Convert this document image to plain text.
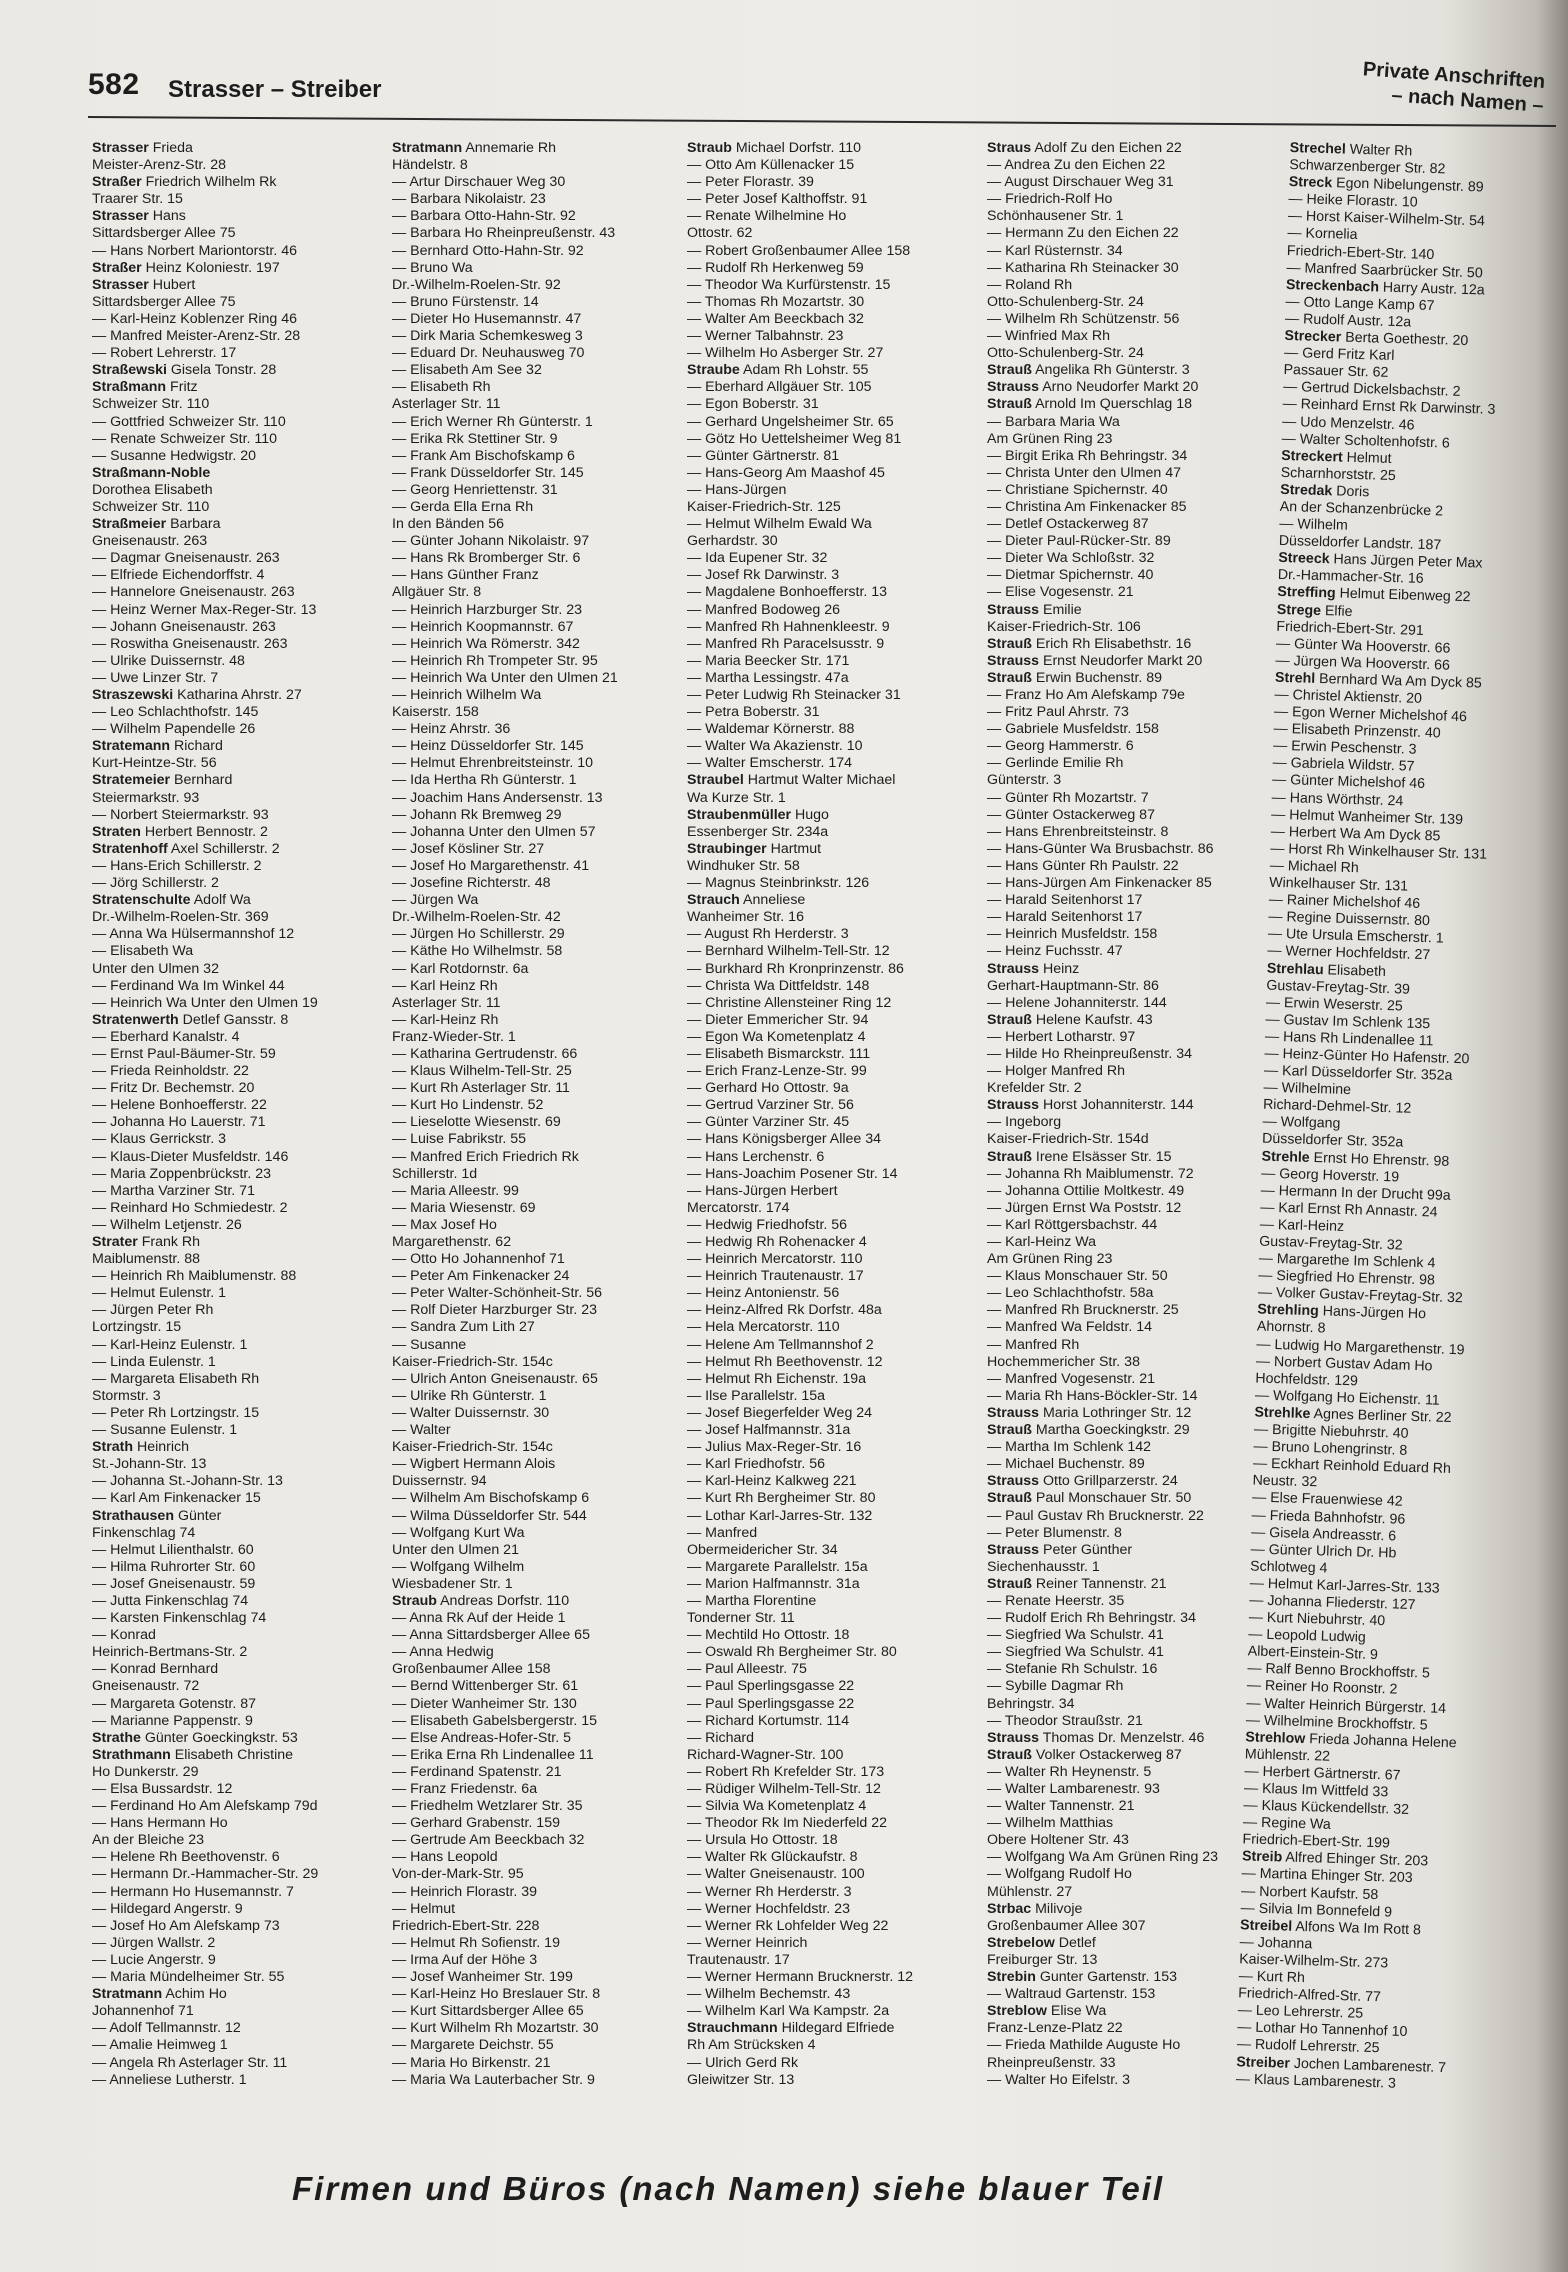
582 Strasser – Streiber	Private Anschriften
– nach Namen –
Strasser Frieda
Meister-Arenz-Str. 28
Straßer Friedrich Wilhelm Rk
Traarer Str. 15
Strasser Hans
Sittardsberger Allee 75
— Hans Norbert Mariontorstr. 46
Straßer Heinz Koloniestr. 197
Strasser Hubert
Sittardsberger Allee 75
— Karl-Heinz Koblenzer Ring 46
— Manfred Meister-Arenz-Str. 28
— Robert Lehrerstr. 17
Straßewski Gisela Tonstr. 28
Straßmann Fritz
Schweizer Str. 110
— Gottfried Schweizer Str. 110
— Renate Schweizer Str. 110
— Susanne Hedwigstr. 20
Straßmann-Noble
Dorothea Elisabeth
Schweizer Str. 110
Straßmeier Barbara
Gneisenaustr. 263
— Dagmar Gneisenaustr. 263
— Elfriede Eichendorffstr. 4
— Hannelore Gneisenaustr. 263
— Heinz Werner Max-Reger-Str. 13
— Johann Gneisenaustr. 263
— Roswitha Gneisenaustr. 263
— Ulrike Duissernstr. 48
— Uwe Linzer Str. 7
Straszewski Katharina Ahrstr. 27
— Leo Schlachthofstr. 145
— Wilhelm Papendelle 26
Stratemann Richard
Kurt-Heintze-Str. 56
Stratemeier Bernhard
Steiermarkstr. 93
— Norbert Steiermarkstr. 93
Straten Herbert Bennostr. 2
Stratenhoff Axel Schillerstr. 2
— Hans-Erich Schillerstr. 2
— Jörg Schillerstr. 2
Stratenschulte Adolf Wa
Dr.-Wilhelm-Roelen-Str. 369
— Anna Wa Hülsermannshof 12
— Elisabeth Wa
Unter den Ulmen 32
— Ferdinand Wa Im Winkel 44
— Heinrich Wa Unter den Ulmen 19
Stratenwerth Detlef Gansstr. 8
— Eberhard Kanalstr. 4
— Ernst Paul-Bäumer-Str. 59
— Frieda Reinholdstr. 22
— Fritz Dr. Bechemstr. 20
— Helene Bonhoefferstr. 22
— Johanna Ho Lauerstr. 71
— Klaus Gerrickstr. 3
— Klaus-Dieter Musfeldstr. 146
— Maria Zoppenbrückstr. 23
— Martha Varziner Str. 71
— Reinhard Ho Schmiedestr. 2
— Wilhelm Letjenstr. 26
Strater Frank Rh
Maiblumenstr. 88
— Heinrich Rh Maiblumenstr. 88
— Helmut Eulenstr. 1
— Jürgen Peter Rh
Lortzingstr. 15
— Karl-Heinz Eulenstr. 1
— Linda Eulenstr. 1
— Margareta Elisabeth Rh
Stormstr. 3
— Peter Rh Lortzingstr. 15
— Susanne Eulenstr. 1
Strath Heinrich
St.-Johann-Str. 13
— Johanna St.-Johann-Str. 13
— Karl Am Finkenacker 15
Strathausen Günter
Finkenschlag 74
— Helmut Lilienthalstr. 60
— Hilma Ruhrorter Str. 60
— Josef Gneisenaustr. 59
— Jutta Finkenschlag 74
— Karsten Finkenschlag 74
— Konrad
Heinrich-Bertmans-Str. 2
— Konrad Bernhard
Gneisenaustr. 72
— Margareta Gotenstr. 87
— Marianne Pappenstr. 9
Strathe Günter Goeckingkstr. 53
Strathmann Elisabeth Christine
Ho Dunkerstr. 29
— Elsa Bussardstr. 12
— Ferdinand Ho Am Alefskamp 79d
— Hans Hermann Ho
An der Bleiche 23
— Helene Rh Beethovenstr. 6
— Hermann Dr.-Hammacher-Str. 29
— Hermann Ho Husemannstr. 7
— Hildegard Angerstr. 9
— Josef Ho Am Alefskamp 73
— Jürgen Wallstr. 2
— Lucie Angerstr. 9
— Maria Mündelheimer Str. 55
Stratmann Achim Ho
Johannenhof 71
— Adolf Tellmannstr. 12
— Amalie Heimweg 1
— Angela Rh Asterlager Str. 11
— Anneliese Lutherstr. 1
Stratmann Annemarie Rh
Händelstr. 8
— Artur Dirschauer Weg 30
— Barbara Nikolaistr. 23
— Barbara Otto-Hahn-Str. 92
— Barbara Ho Rheinpreußenstr. 43
— Bernhard Otto-Hahn-Str. 92
— Bruno Wa
Dr.-Wilhelm-Roelen-Str. 92
— Bruno Fürstenstr. 14
— Dieter Ho Husemannstr. 47
— Dirk Maria Schemkesweg 3
— Eduard Dr. Neuhausweg 70
— Elisabeth Am See 32
— Elisabeth Rh
Asterlager Str. 11
— Erich Werner Rh Günterstr. 1
— Erika Rk Stettiner Str. 9
— Frank Am Bischofskamp 6
— Frank Düsseldorfer Str. 145
— Georg Henriettenstr. 31
— Gerda Ella Erna Rh
In den Bänden 56
— Günter Johann Nikolaistr. 97
— Hans Rk Bromberger Str. 6
— Hans Günther Franz
Allgäuer Str. 8
— Heinrich Harzburger Str. 23
— Heinrich Koopmannstr. 67
— Heinrich Wa Römerstr. 342
— Heinrich Rh Trompeter Str. 95
— Heinrich Wa Unter den Ulmen 21
— Heinrich Wilhelm Wa
Kaiserstr. 158
— Heinz Ahrstr. 36
— Heinz Düsseldorfer Str. 145
— Helmut Ehrenbreitsteinstr. 10
— Ida Hertha Rh Günterstr. 1
— Joachim Hans Andersenstr. 13
— Johann Rk Bremweg 29
— Johanna Unter den Ulmen 57
— Josef Kösliner Str. 27
— Josef Ho Margarethenstr. 41
— Josefine Richterstr. 48
— Jürgen Wa
Dr.-Wilhelm-Roelen-Str. 42
— Jürgen Ho Schillerstr. 29
— Käthe Ho Wilhelmstr. 58
— Karl Rotdornstr. 6a
— Karl Heinz Rh
Asterlager Str. 11
— Karl-Heinz Rh
Franz-Wieder-Str. 1
— Katharina Gertrudenstr. 66
— Klaus Wilhelm-Tell-Str. 25
— Kurt Rh Asterlager Str. 11
— Kurt Ho Lindenstr. 52
— Lieselotte Wiesenstr. 69
— Luise Fabrikstr. 55
— Manfred Erich Friedrich Rk
Schillerstr. 1d
— Maria Alleestr. 99
— Maria Wiesenstr. 69
— Max Josef Ho
Margarethenstr. 62
— Otto Ho Johannenhof 71
— Peter Am Finkenacker 24
— Peter Walter-Schönheit-Str. 56
— Rolf Dieter Harzburger Str. 23
— Sandra Zum Lith 27
— Susanne
Kaiser-Friedrich-Str. 154c
— Ulrich Anton Gneisenaustr. 65
— Ulrike Rh Günterstr. 1
— Walter Duissernstr. 30
— Walter
Kaiser-Friedrich-Str. 154c
— Wigbert Hermann Alois
Duissernstr. 94
— Wilhelm Am Bischofskamp 6
— Wilma Düsseldorfer Str. 544
— Wolfgang Kurt Wa
Unter den Ulmen 21
— Wolfgang Wilhelm
Wiesbadener Str. 1
Straub Andreas Dorfstr. 110
— Anna Rk Auf der Heide 1
— Anna Sittardsberger Allee 65
— Anna Hedwig
Großenbaumer Allee 158
— Bernd Wittenberger Str. 61
— Dieter Wanheimer Str. 130
— Elisabeth Gabelsbergerstr. 15
— Else Andreas-Hofer-Str. 5
— Erika Erna Rh Lindenallee 11
— Ferdinand Spatenstr. 21
— Franz Friedenstr. 6a
— Friedhelm Wetzlarer Str. 35
— Gerhard Grabenstr. 159
— Gertrude Am Beeckbach 32
— Hans Leopold
Von-der-Mark-Str. 95
— Heinrich Florastr. 39
— Helmut
Friedrich-Ebert-Str. 228
— Helmut Rh Sofienstr. 19
— Irma Auf der Höhe 3
— Josef Wanheimer Str. 199
— Karl-Heinz Ho Breslauer Str. 8
— Kurt Sittardsberger Allee 65
— Kurt Wilhelm Rh Mozartstr. 30
— Margarete Deichstr. 55
— Maria Ho Birkenstr. 21
— Maria Wa Lauterbacher Str. 9
Straub Michael Dorfstr. 110
— Otto Am Küllenacker 15
— Peter Florastr. 39
— Peter Josef Kalthoffstr. 91
— Renate Wilhelmine Ho
Ottostr. 62
— Robert Großenbaumer Allee 158
— Rudolf Rh Herkenweg 59
— Theodor Wa Kurfürstenstr. 15
— Thomas Rh Mozartstr. 30
— Walter Am Beeckbach 32
— Werner Talbahnstr. 23
— Wilhelm Ho Asberger Str. 27
Straube Adam Rh Lohstr. 55
— Eberhard Allgäuer Str. 105
— Egon Boberstr. 31
— Gerhard Ungelsheimer Str. 65
— Götz Ho Uettelsheimer Weg 81
— Günter Gärtnerstr. 81
— Hans-Georg Am Maashof 45
— Hans-Jürgen
Kaiser-Friedrich-Str. 125
— Helmut Wilhelm Ewald Wa
Gerhardstr. 30
— Ida Eupener Str. 32
— Josef Rk Darwinstr. 3
— Magdalene Bonhoefferstr. 13
— Manfred Bodoweg 26
— Manfred Rh Hahnenkleestr. 9
— Manfred Rh Paracelsusstr. 9
— Maria Beecker Str. 171
— Martha Lessingstr. 47a
— Peter Ludwig Rh Steinacker 31
— Petra Boberstr. 31
— Waldemar Körnerstr. 88
— Walter Wa Akazienstr. 10
— Walter Emscherstr. 174
Straubel Hartmut Walter Michael
Wa Kurze Str. 1
Straubenmüller Hugo
Essenberger Str. 234a
Straubinger Hartmut
Windhuker Str. 58
— Magnus Steinbrinkstr. 126
Strauch Anneliese
Wanheimer Str. 16
— August Rh Herderstr. 3
— Bernhard Wilhelm-Tell-Str. 12
— Burkhard Rh Kronprinzenstr. 86
— Christa Wa Dittfeldstr. 148
— Christine Allensteiner Ring 12
— Dieter Emmericher Str. 94
— Egon Wa Kometenplatz 4
— Elisabeth Bismarckstr. 111
— Erich Franz-Lenze-Str. 99
— Gerhard Ho Ottostr. 9a
— Gertrud Varziner Str. 56
— Günter Varziner Str. 45
— Hans Königsberger Allee 34
— Hans Lerchenstr. 6
— Hans-Joachim Posener Str. 14
— Hans-Jürgen Herbert
Mercatorstr. 174
— Hedwig Friedhofstr. 56
— Hedwig Rh Rohenacker 4
— Heinrich Mercatorstr. 110
— Heinrich Trautenaustr. 17
— Heinz Antonienstr. 56
— Heinz-Alfred Rk Dorfstr. 48a
— Hela Mercatorstr. 110
— Helene Am Tellmannshof 2
— Helmut Rh Beethovenstr. 12
— Helmut Rh Eichenstr. 19a
— Ilse Parallelstr. 15a
— Josef Biegerfelder Weg 24
— Josef Halfmannstr. 31a
— Julius Max-Reger-Str. 16
— Karl Friedhofstr. 56
— Karl-Heinz Kalkweg 221
— Kurt Rh Bergheimer Str. 80
— Lothar Karl-Jarres-Str. 132
— Manfred
Obermeidericher Str. 34
— Margarete Parallelstr. 15a
— Marion Halfmannstr. 31a
— Martha Florentine
Tonderner Str. 11
— Mechtild Ho Ottostr. 18
— Oswald Rh Bergheimer Str. 80
— Paul Alleestr. 75
— Paul Sperlingsgasse 22
— Paul Sperlingsgasse 22
— Richard Kortumstr. 114
— Richard
Richard-Wagner-Str. 100
— Robert Rh Krefelder Str. 173
— Rüdiger Wilhelm-Tell-Str. 12
— Silvia Wa Kometenplatz 4
— Theodor Rk Im Niederfeld 22
— Ursula Ho Ottostr. 18
— Walter Rk Glückaufstr. 8
— Walter Gneisenaustr. 100
— Werner Rh Herderstr. 3
— Werner Hochfeldstr. 23
— Werner Rk Lohfelder Weg 22
— Werner Heinrich
Trautenaustr. 17
— Werner Hermann Brucknerstr. 12
— Wilhelm Bechemstr. 43
— Wilhelm Karl Wa Kampstr. 2a
Strauchmann Hildegard Elfriede
Rh Am Strücksken 4
— Ulrich Gerd Rk
Gleiwitzer Str. 13
Straus Adolf Zu den Eichen 22
— Andrea Zu den Eichen 22
— August Dirschauer Weg 31
— Friedrich-Rolf Ho
Schönhausener Str. 1
— Hermann Zu den Eichen 22
— Karl Rüsternstr. 34
— Katharina Rh Steinacker 30
— Roland Rh
Otto-Schulenberg-Str. 24
— Wilhelm Rh Schützenstr. 56
— Winfried Max Rh
Otto-Schulenberg-Str. 24
Strauß Angelika Rh Günterstr. 3
Strauss Arno Neudorfer Markt 20
Strauß Arnold Im Querschlag 18
— Barbara Maria Wa
Am Grünen Ring 23
— Birgit Erika Rh Behringstr. 34
— Christa Unter den Ulmen 47
— Christiane Spichernstr. 40
— Christina Am Finkenacker 85
— Detlef Ostackerweg 87
— Dieter Paul-Rücker-Str. 89
— Dieter Wa Schloßstr. 32
— Dietmar Spichernstr. 40
— Elise Vogesenstr. 21
Strauss Emilie
Kaiser-Friedrich-Str. 106
Strauß Erich Rh Elisabethstr. 16
Strauss Ernst Neudorfer Markt 20
Strauß Erwin Buchenstr. 89
— Franz Ho Am Alefskamp 79e
— Fritz Paul Ahrstr. 73
— Gabriele Musfeldstr. 158
— Georg Hammerstr. 6
— Gerlinde Emilie Rh
Günterstr. 3
— Günter Rh Mozartstr. 7
— Günter Ostackerweg 87
— Hans Ehrenbreitsteinstr. 8
— Hans-Günter Wa Brusbachstr. 86
— Hans Günter Rh Paulstr. 22
— Hans-Jürgen Am Finkenacker 85
— Harald Seitenhorst 17
— Harald Seitenhorst 17
— Heinrich Musfeldstr. 158
— Heinz Fuchsstr. 47
Strauss Heinz
Gerhart-Hauptmann-Str. 86
— Helene Johanniterstr. 144
Strauß Helene Kaufstr. 43
— Herbert Lotharstr. 97
— Hilde Ho Rheinpreußenstr. 34
— Holger Manfred Rh
Krefelder Str. 2
Strauss Horst Johanniterstr. 144
— Ingeborg
Kaiser-Friedrich-Str. 154d
Strauß Irene Elsässer Str. 15
— Johanna Rh Maiblumenstr. 72
— Johanna Ottilie Moltkestr. 49
— Jürgen Ernst Wa Poststr. 12
— Karl Röttgersbachstr. 44
— Karl-Heinz Wa
Am Grünen Ring 23
— Klaus Monschauer Str. 50
— Leo Schlachthofstr. 58a
— Manfred Rh Brucknerstr. 25
— Manfred Wa Feldstr. 14
— Manfred Rh
Hochemmericher Str. 38
— Manfred Vogesenstr. 21
— Maria Rh Hans-Böckler-Str. 14
Strauss Maria Lothringer Str. 12
Strauß Martha Goeckingkstr. 29
— Martha Im Schlenk 142
— Michael Buchenstr. 89
Strauss Otto Grillparzerstr. 24
Strauß Paul Monschauer Str. 50
— Paul Gustav Rh Brucknerstr. 22
— Peter Blumenstr. 8
Strauss Peter Günther
Siechenhausstr. 1
Strauß Reiner Tannenstr. 21
— Renate Heerstr. 35
— Rudolf Erich Rh Behringstr. 34
— Siegfried Wa Schulstr. 41
— Siegfried Wa Schulstr. 41
— Stefanie Rh Schulstr. 16
— Sybille Dagmar Rh
Behringstr. 34
— Theodor Straußstr. 21
Strauss Thomas Dr. Menzelstr. 46
Strauß Volker Ostackerweg 87
— Walter Rh Heynenstr. 5
— Walter Lambarenestr. 93
— Walter Tannenstr. 21
— Wilhelm Matthias
Obere Holtener Str. 43
— Wolfgang Wa Am Grünen Ring 23
— Wolfgang Rudolf Ho
Mühlenstr. 27
Strbac Milivoje
Großenbaumer Allee 307
Strebelow Detlef
Freiburger Str. 13
Strebin Gunter Gartenstr. 153
— Waltraud Gartenstr. 153
Streblow Elise Wa
Franz-Lenze-Platz 22
— Frieda Mathilde Auguste Ho
Rheinpreußenstr. 33
— Walter Ho Eifelstr. 3
Strechel Walter Rh
Schwarzenberger Str. 82
Streck Egon Nibelungenstr. 89
— Heike Florastr. 10
— Horst Kaiser-Wilhelm-Str. 54
— Kornelia
Friedrich-Ebert-Str. 140
— Manfred Saarbrücker Str. 50
Streckenbach Harry Austr. 12a
— Otto Lange Kamp 67
— Rudolf Austr. 12a
Strecker Berta Goethestr. 20
— Gerd Fritz Karl
Passauer Str. 62
— Gertrud Dickelsbachstr. 2
— Reinhard Ernst Rk Darwinstr. 3
— Udo Menzelstr. 46
— Walter Scholtenhofstr. 6
Streckert Helmut
Scharnhorststr. 25
Stredak Doris
An der Schanzenbrücke 2
— Wilhelm
Düsseldorfer Landstr. 187
Streeck Hans Jürgen Peter Max
Dr.-Hammacher-Str. 16
Streffing Helmut Eibenweg 22
Strege Elfie
Friedrich-Ebert-Str. 291
— Günter Wa Hooverstr. 66
— Jürgen Wa Hooverstr. 66
Strehl Bernhard Wa Am Dyck 85
— Christel Aktienstr. 20
— Egon Werner Michelshof 46
— Elisabeth Prinzenstr. 40
— Erwin Peschenstr. 3
— Gabriela Wildstr. 57
— Günter Michelshof 46
— Hans Wörthstr. 24
— Helmut Wanheimer Str. 139
— Herbert Wa Am Dyck 85
— Horst Rh Winkelhauser Str. 131
— Michael Rh
Winkelhauser Str. 131
— Rainer Michelshof 46
— Regine Duissernstr. 80
— Ute Ursula Emscherstr. 1
— Werner Hochfeldstr. 27
Strehlau Elisabeth
Gustav-Freytag-Str. 39
— Erwin Weserstr. 25
— Gustav Im Schlenk 135
— Hans Rh Lindenallee 11
— Heinz-Günter Ho Hafenstr. 20
— Karl Düsseldorfer Str. 352a
— Wilhelmine
Richard-Dehmel-Str. 12
— Wolfgang
Düsseldorfer Str. 352a
Strehle Ernst Ho Ehrenstr. 98
— Georg Hoverstr. 19
— Hermann In der Drucht 99a
— Karl Ernst Rh Annastr. 24
— Karl-Heinz
Gustav-Freytag-Str. 32
— Margarethe Im Schlenk 4
— Siegfried Ho Ehrenstr. 98
— Volker Gustav-Freytag-Str. 32
Strehling Hans-Jürgen Ho
Ahornstr. 8
— Ludwig Ho Margarethenstr. 19
— Norbert Gustav Adam Ho
Hochfeldstr. 129
— Wolfgang Ho Eichenstr. 11
Strehlke Agnes Berliner Str. 22
— Brigitte Niebuhrstr. 40
— Bruno Lohengrinstr. 8
— Eckhart Reinhold Eduard Rh
Neustr. 32
— Else Frauenwiese 42
— Frieda Bahnhofstr. 96
— Gisela Andreasstr. 6
— Günter Ulrich Dr. Hb
Schlotweg 4
— Helmut Karl-Jarres-Str. 133
— Johanna Fliederstr. 127
— Kurt Niebuhrstr. 40
— Leopold Ludwig
Albert-Einstein-Str. 9
— Ralf Benno Brockhoffstr. 5
— Reiner Ho Roonstr. 2
— Walter Heinrich Bürgerstr. 14
— Wilhelmine Brockhoffstr. 5
Strehlow Frieda Johanna Helene
Mühlenstr. 22
— Herbert Gärtnerstr. 67
— Klaus Im Wittfeld 33
— Klaus Kückendellstr. 32
— Regine Wa
Friedrich-Ebert-Str. 199
Streib Alfred Ehinger Str. 203
— Martina Ehinger Str. 203
— Norbert Kaufstr. 58
— Silvia Im Bonnefeld 9
Streibel Alfons Wa Im Rott 8
— Johanna
Kaiser-Wilhelm-Str. 273
— Kurt Rh
Friedrich-Alfred-Str. 77
— Leo Lehrerstr. 25
— Lothar Ho Tannenhof 10
— Rudolf Lehrerstr. 25
Streiber Jochen Lambarenestr. 7
— Klaus Lambarenestr. 3
Firmen und Büros (nach Namen) siehe blauer Teil
